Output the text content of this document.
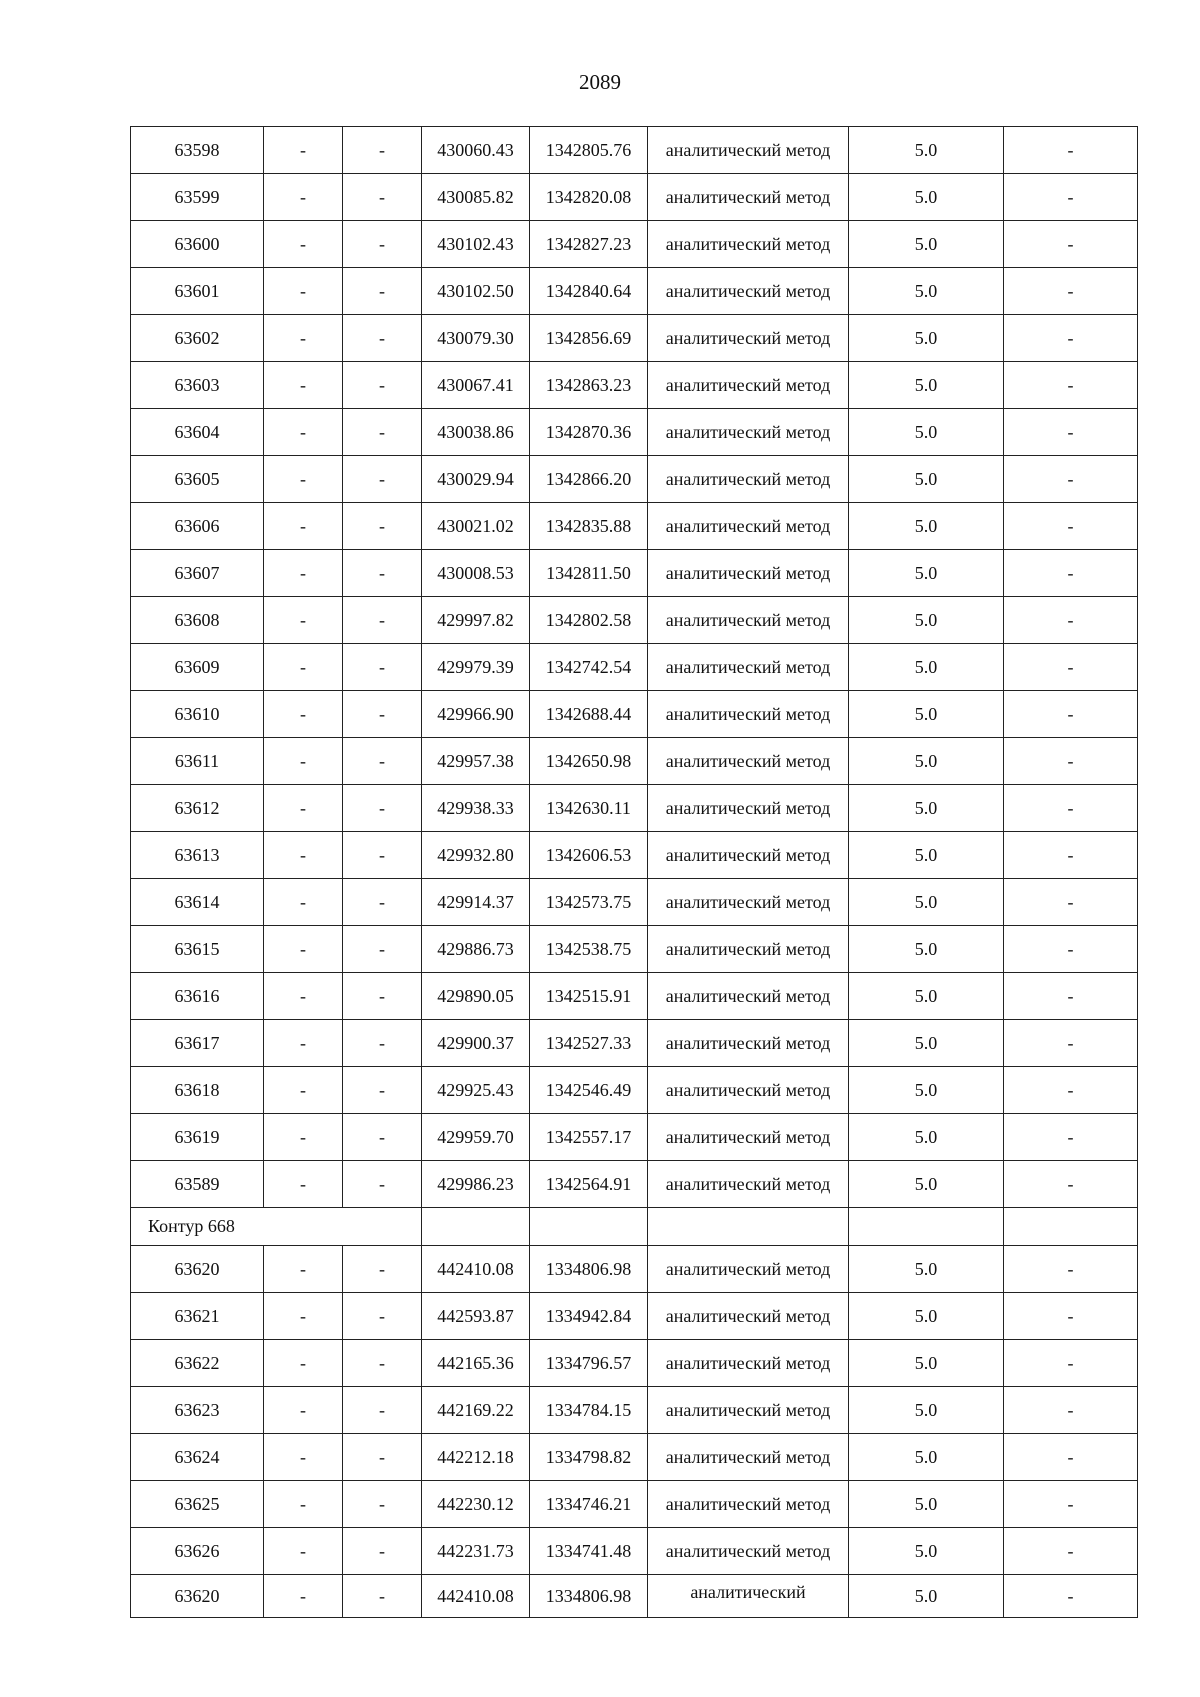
2089
63598	-	-	430060.43	1342805.76	аналитический метод	5.0	-
63599	-	-	430085.82	1342820.08	аналитический метод	5.0	-
63600	-	-	430102.43	1342827.23	аналитический метод	5.0	-
63601	-	-	430102.50	1342840.64	аналитический метод	5.0	-
63602	-	-	430079.30	1342856.69	аналитический метод	5.0	-
63603	-	-	430067.41	1342863.23	аналитический метод	5.0	-
63604	-	-	430038.86	1342870.36	аналитический метод	5.0	-
63605	-	-	430029.94	1342866.20	аналитический метод	5.0	-
63606	-	-	430021.02	1342835.88	аналитический метод	5.0	-
63607	-	-	430008.53	1342811.50	аналитический метод	5.0	-
63608	-	-	429997.82	1342802.58	аналитический метод	5.0	-
63609	-	-	429979.39	1342742.54	аналитический метод	5.0	-
63610	-	-	429966.90	1342688.44	аналитический метод	5.0	-
63611	-	-	429957.38	1342650.98	аналитический метод	5.0	-
63612	-	-	429938.33	1342630.11	аналитический метод	5.0	-
63613	-	-	429932.80	1342606.53	аналитический метод	5.0	-
63614	-	-	429914.37	1342573.75	аналитический метод	5.0	-
63615	-	-	429886.73	1342538.75	аналитический метод	5.0	-
63616	-	-	429890.05	1342515.91	аналитический метод	5.0	-
63617	-	-	429900.37	1342527.33	аналитический метод	5.0	-
63618	-	-	429925.43	1342546.49	аналитический метод	5.0	-
63619	-	-	429959.70	1342557.17	аналитический метод	5.0	-
63589	-	-	429986.23	1342564.91	аналитический метод	5.0	-
Контур 668							
63620	-	-	442410.08	1334806.98	аналитический метод	5.0	-
63621	-	-	442593.87	1334942.84	аналитический метод	5.0	-
63622	-	-	442165.36	1334796.57	аналитический метод	5.0	-
63623	-	-	442169.22	1334784.15	аналитический метод	5.0	-
63624	-	-	442212.18	1334798.82	аналитический метод	5.0	-
63625	-	-	442230.12	1334746.21	аналитический метод	5.0	-
63626	-	-	442231.73	1334741.48	аналитический метод	5.0	-
63620	-	-	442410.08	1334806.98	аналитический	5.0	-
